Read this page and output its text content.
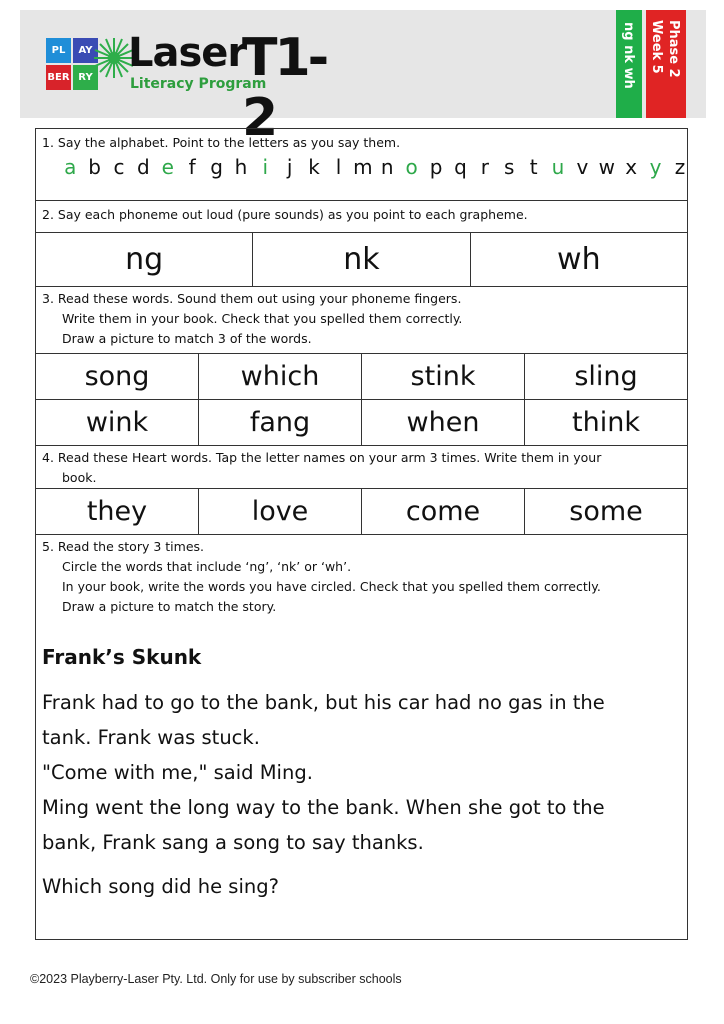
PL	AY
BER RY
Laser
Literacy Program
T1-2
ng nk wh Phase 2
Week 5
1. Say the alphabet. Point to the letters as you say them.
a b c d e f g h i j k l m n o p q r s t u v w x y z
2. Say each phoneme out loud (pure sounds) as you point to each grapheme.
ng	nk	wh
3. Read these words. Sound them out using your phoneme fingers.
Write them in your book. Check that you spelled them correctly.
Draw a picture to match 3 of the words.
song	which	stink	sling
wink	fang	when	think
4. Read these Heart words. Tap the letter names on your arm 3 times. Write them in your
book.
they	love	come	some
5. Read the story 3 times.
Circle the words that include ‘ng’, ‘nk’ or ‘wh’.
In your book, write the words you have circled. Check that you spelled them correctly.
Draw a picture to match the story.
Frank’s Skunk
Frank had to go to the bank, but his car had no gas in the
tank. Frank was stuck.
"Come with me," said Ming.
Ming went the long way to the bank. When she got to the
bank, Frank sang a song to say thanks.
Which song did he sing?
©2023 Playberry-Laser Pty. Ltd. Only for use by subscriber schools
